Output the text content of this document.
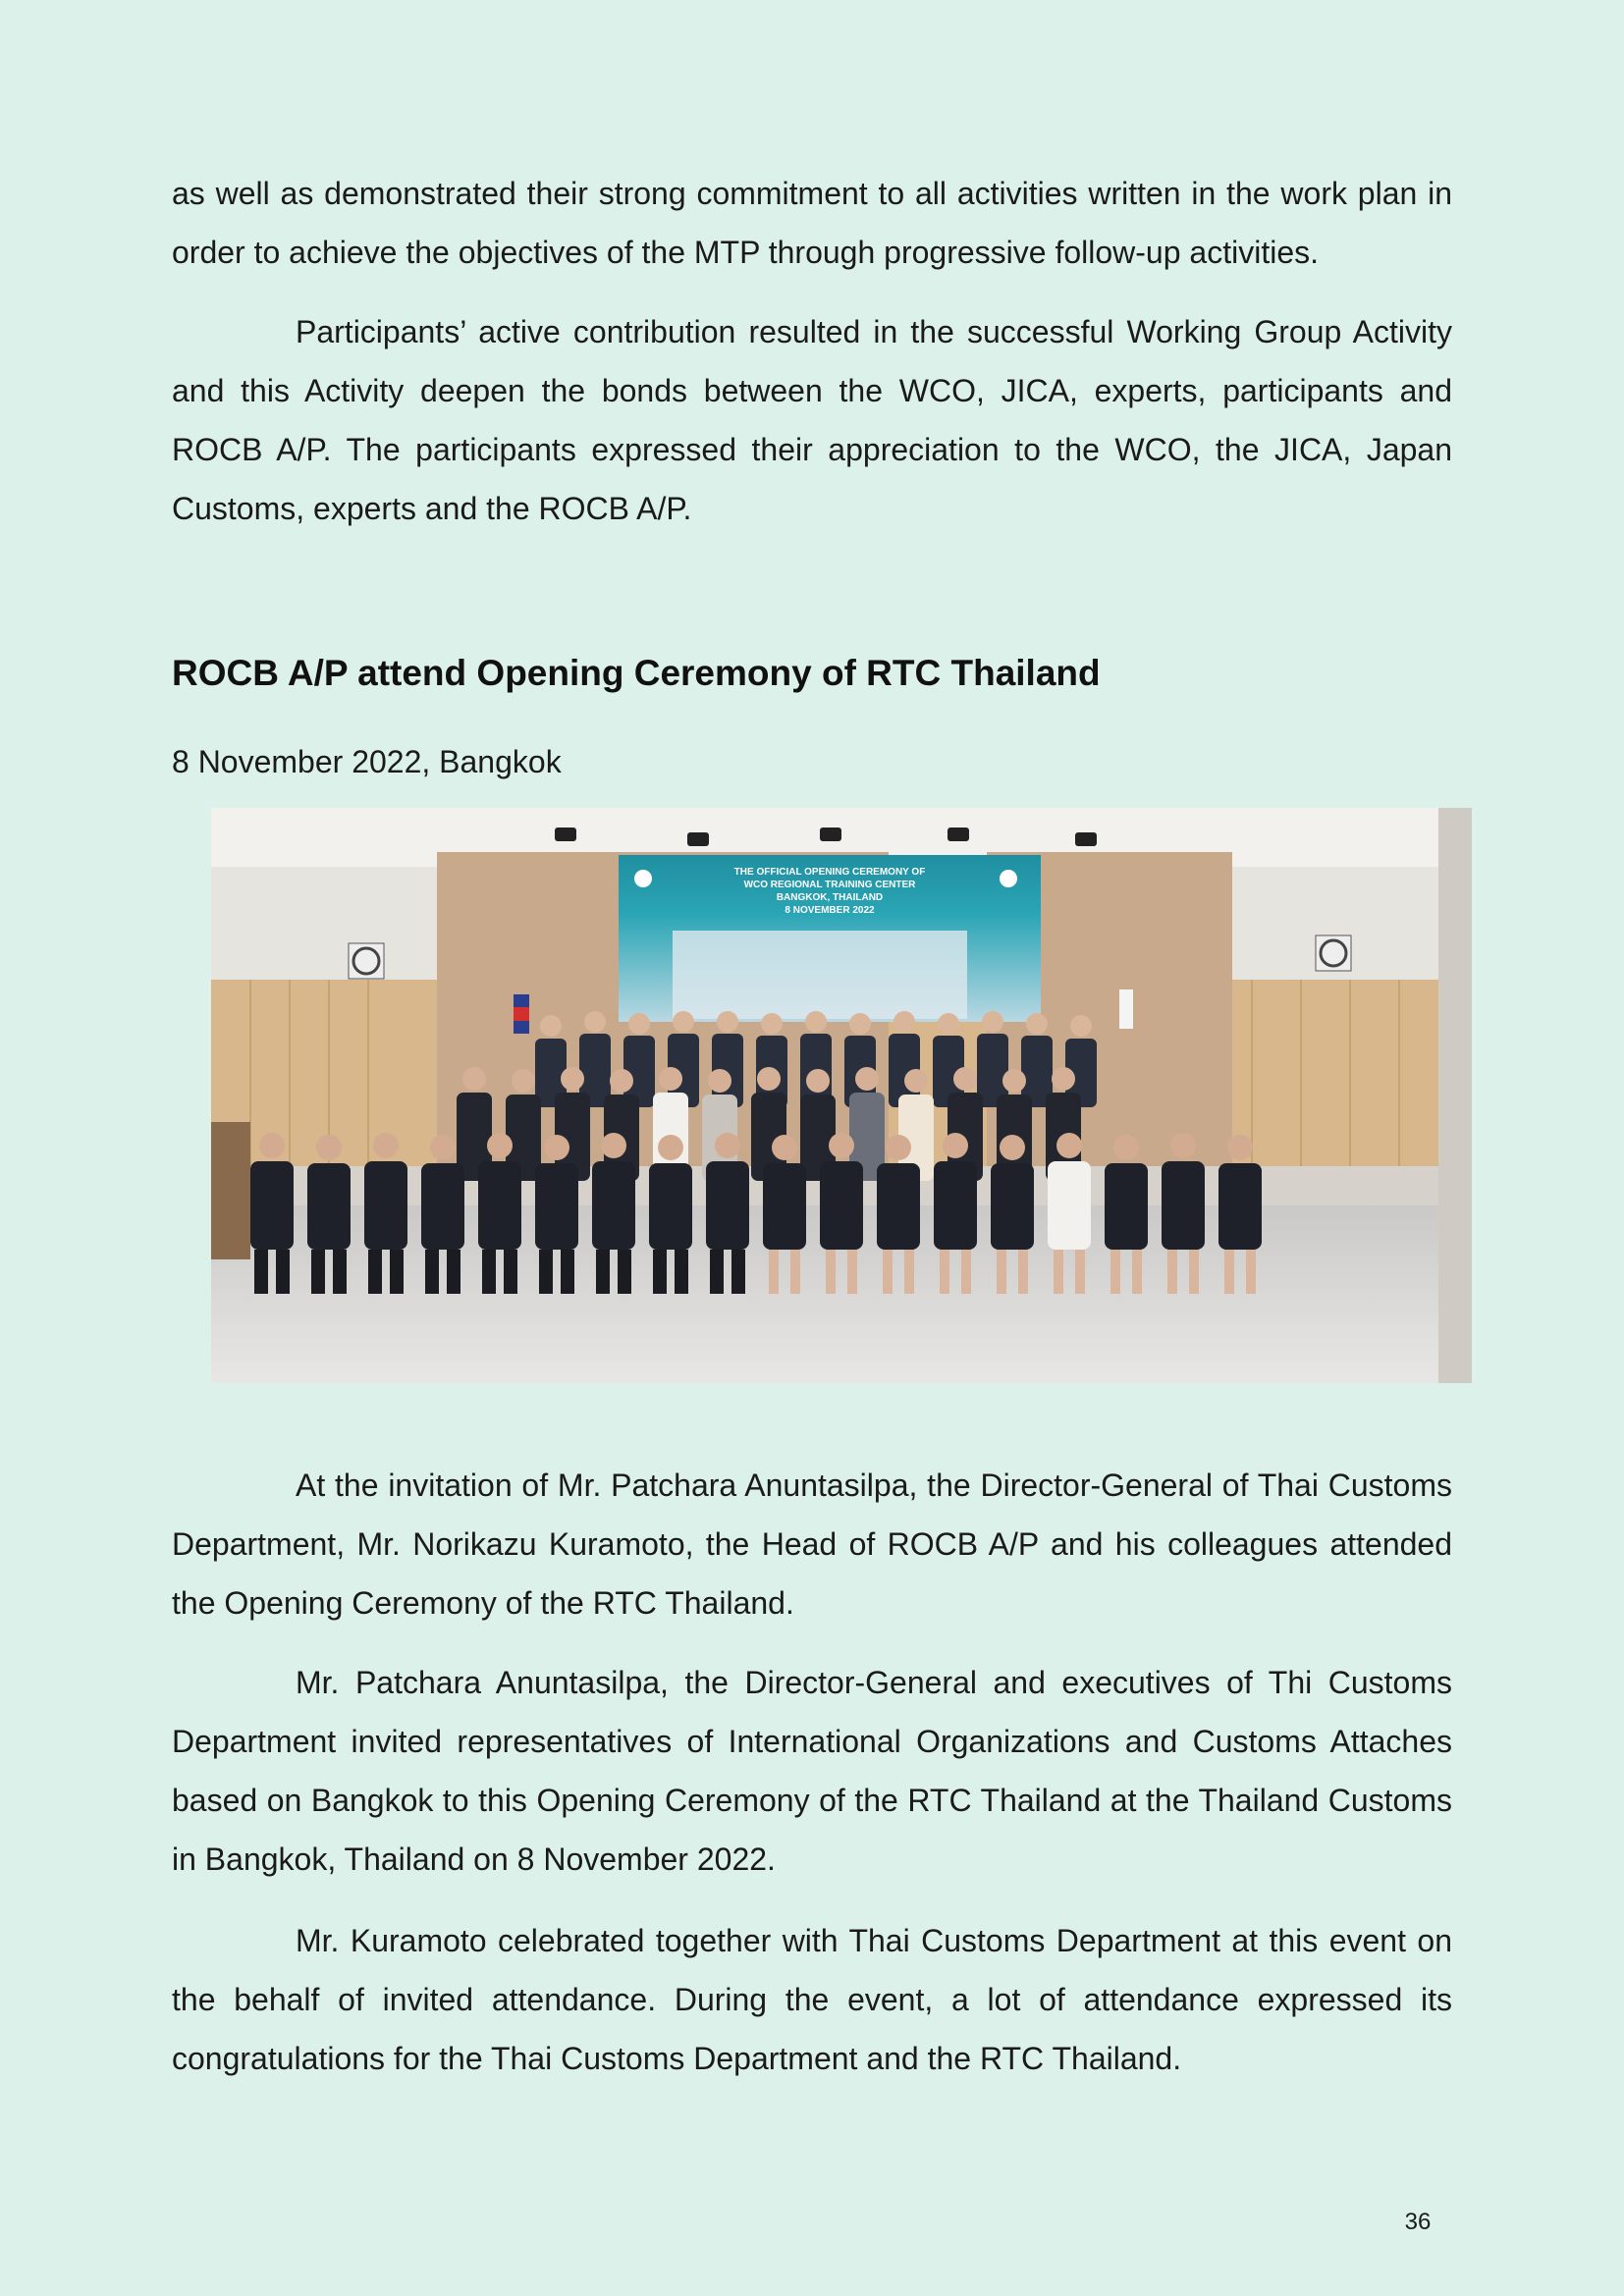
as well as demonstrated their strong commitment to all activities written in the work plan in order to achieve the objectives of the MTP through progressive follow-up activities.

Participants’ active contribution resulted in the successful Working Group Activity and this Activity deepen the bonds between the WCO, JICA, experts, participants and ROCB A/P. The participants expressed their appreciation to the WCO, the JICA, Japan Customs, experts and the ROCB A/P.

ROCB A/P attend Opening Ceremony of RTC Thailand

8 November 2022, Bangkok

THE OFFICIAL OPENING CEREMONY OF
WCO REGIONAL TRAINING CENTER
BANGKOK, THAILAND
8 NOVEMBER 2022

At the invitation of Mr. Patchara Anuntasilpa, the Director-General of Thai Customs Department, Mr. Norikazu Kuramoto, the Head of ROCB A/P and his colleagues attended the Opening Ceremony of the RTC Thailand.

Mr. Patchara Anuntasilpa, the Director-General and executives of Thi Customs Department invited representatives of International Organizations and Customs Attaches based on Bangkok to this Opening Ceremony of the RTC Thailand at the Thailand Customs in Bangkok, Thailand on 8 November 2022.

Mr. Kuramoto celebrated together with Thai Customs Department at this event on the behalf of invited attendance. During the event, a lot of attendance expressed its congratulations for the Thai Customs Department and the RTC Thailand.

36
